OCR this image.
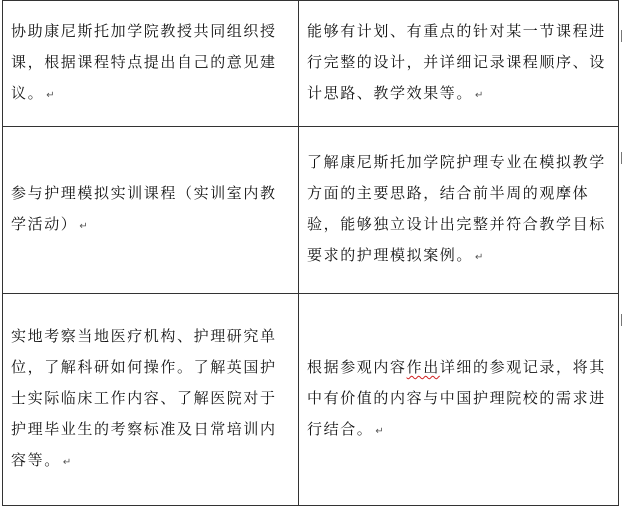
协助康尼斯托加学院教授共同组织授课，根据课程特点提出自己的意见建议。 ↵	能够有计划、有重点的针对某一节课程进行完整的设计，并详细记录课程顺序、设计思路、教学效果等。 ↵
参与护理模拟实训课程（实训室内教学活动） ↵	了解康尼斯托加学院护理专业在模拟教学方面的主要思路，结合前半周的观摩体验，能够独立设计出完整并符合教学目标要求的护理模拟案例。 ↵
实地考察当地医疗机构、护理研究单位，了解科研如何操作。了解英国护士实际临床工作内容、了解医院对于护理毕业生的考察标准及日常培训内容等。 ↵	根据参观内容作出详细的参观记录，将其中有价值的内容与中国护理院校的需求进行结合。 ↵
